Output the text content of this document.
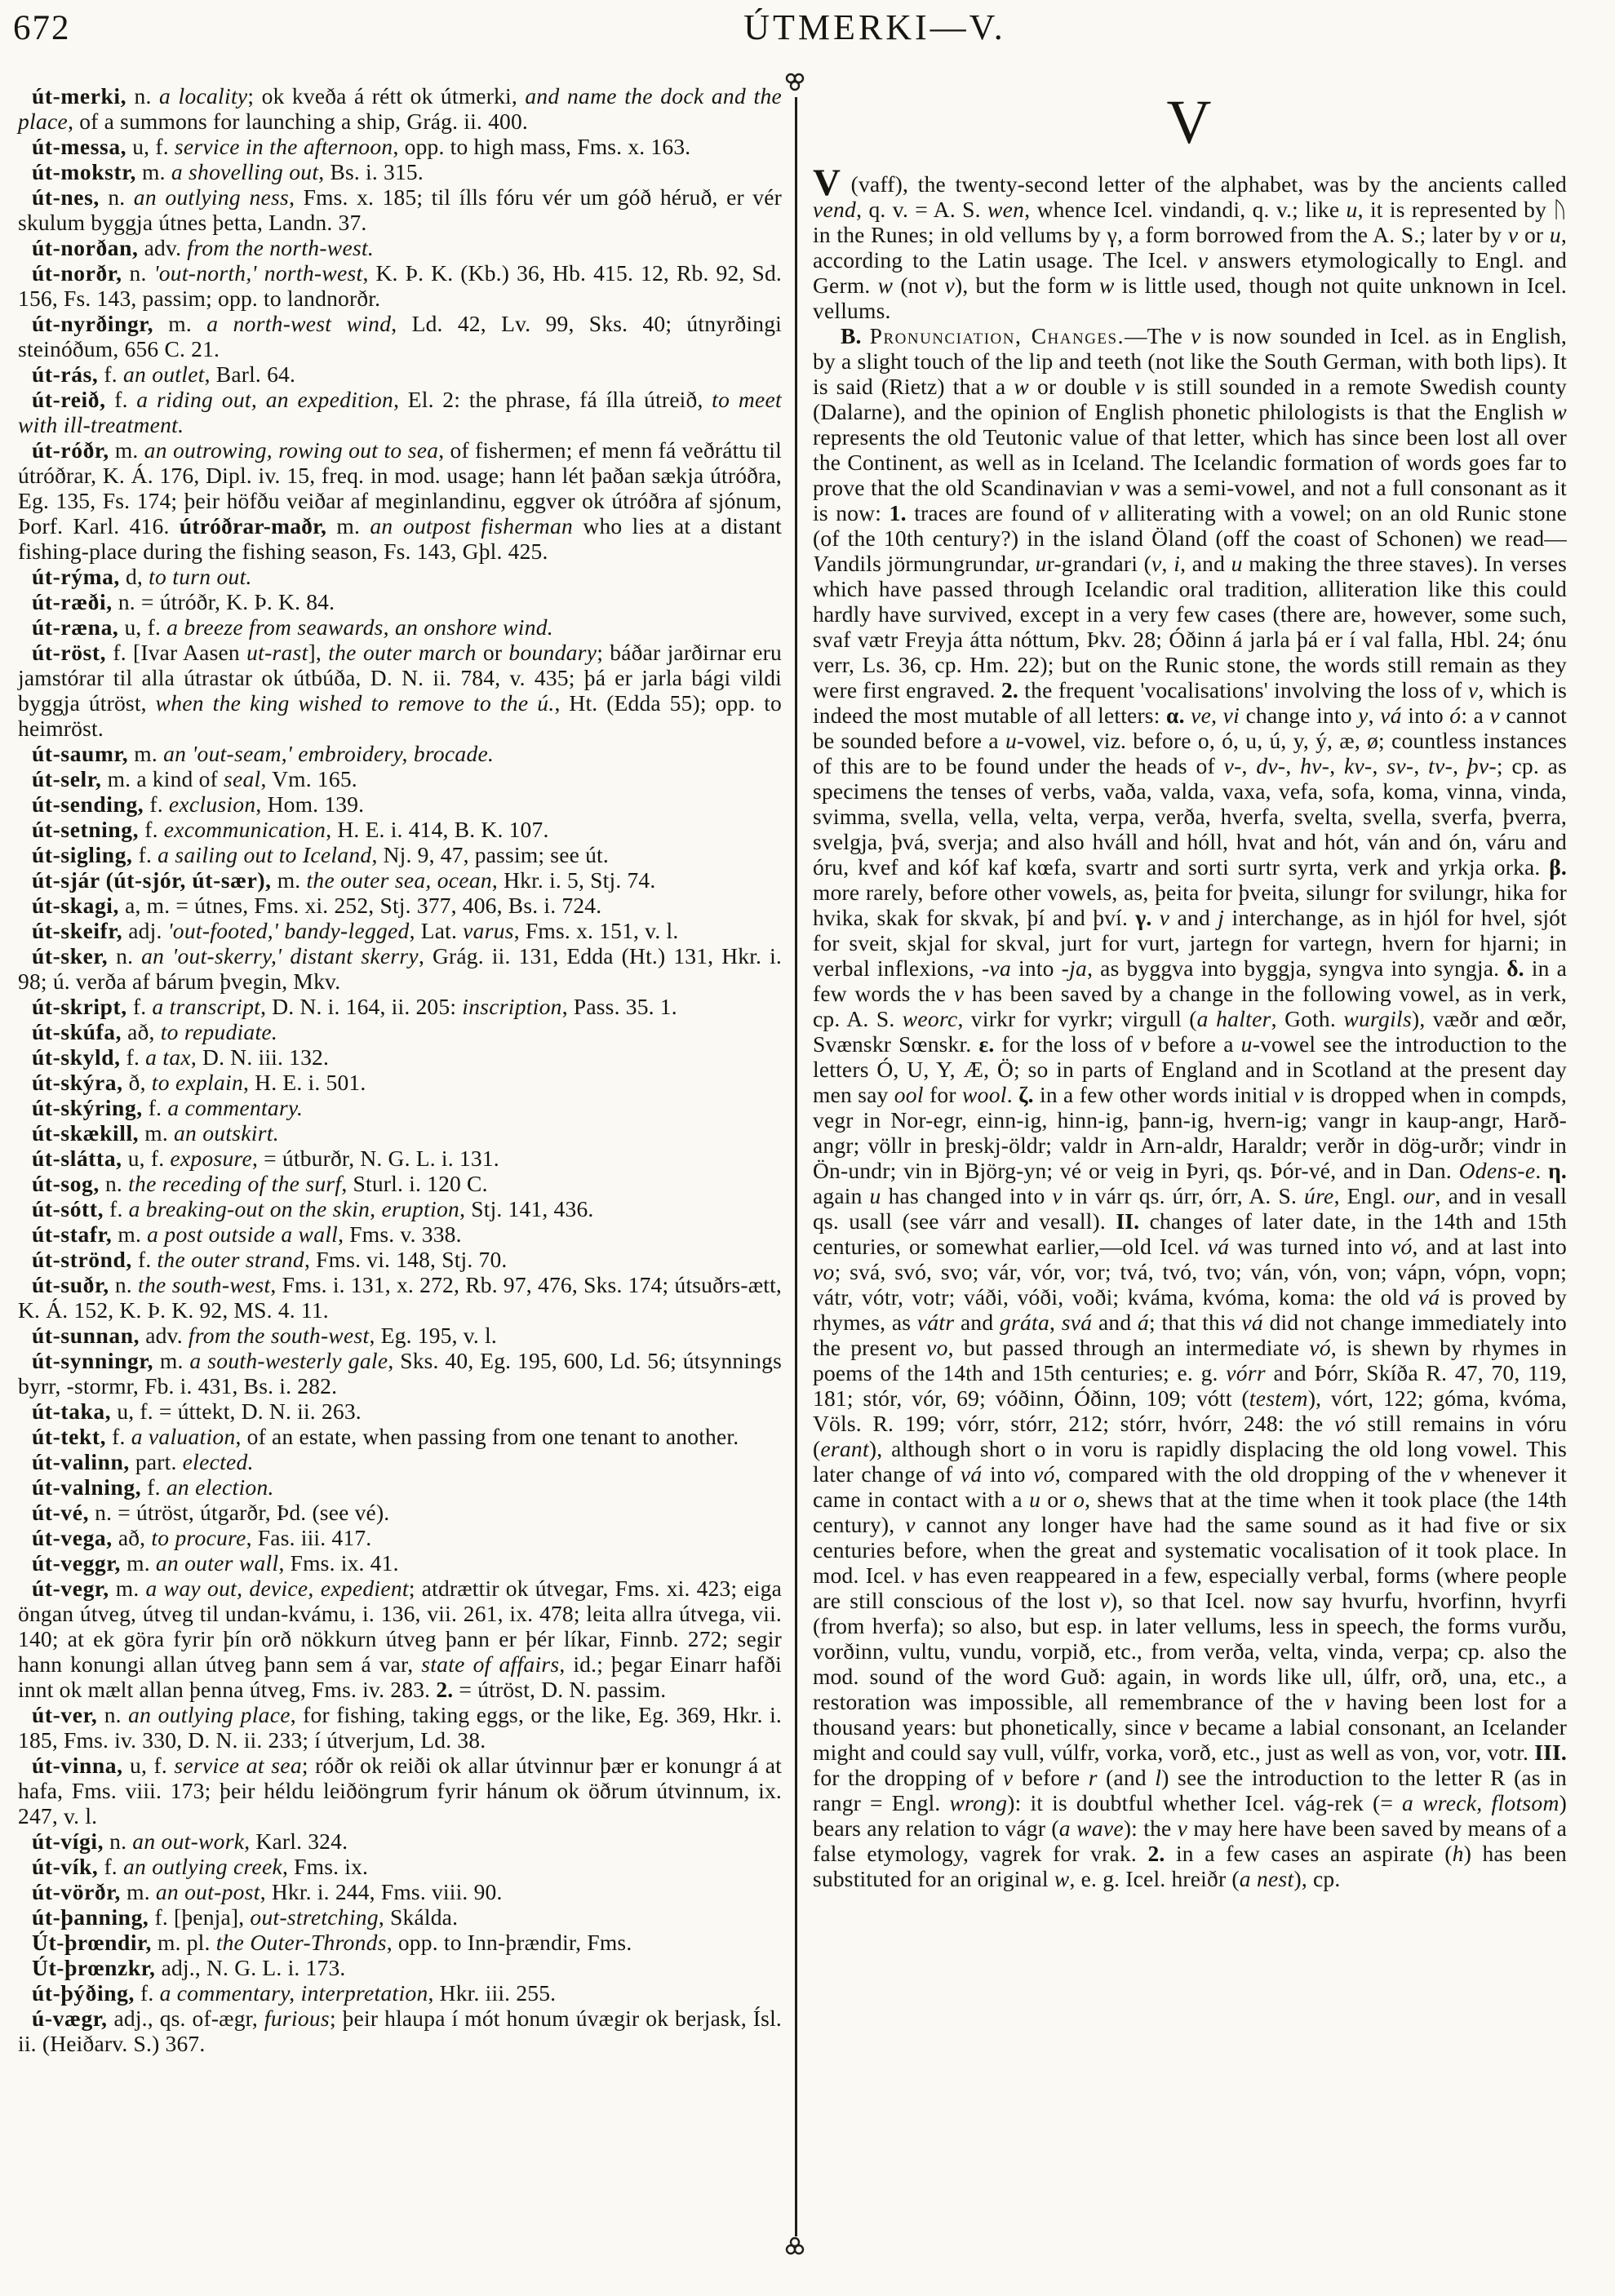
672	ÚTMERKI—V.

út-merki, n. a locality; ok kveða á rétt ok útmerki, and name the dock and the place, of a summons for launching a ship, Grág. ii. 400.

út-messa, u, f. service in the afternoon, opp. to high mass, Fms. x. 163.

út-mokstr, m. a shovelling out, Bs. i. 315.

út-nes, n. an outlying ness, Fms. x. 185; til ílls fóru vér um góð héruð, er vér skulum byggja útnes þetta, Landn. 37.

út-norðan, adv. from the north-west.

út-norðr, n. 'out-north,' north-west, K. Þ. K. (Kb.) 36, Hb. 415. 12, Rb. 92, Sd. 156, Fs. 143, passim; opp. to landnorðr.

út-nyrðingr, m. a north-west wind, Ld. 42, Lv. 99, Sks. 40; útnyrðingi steinóðum, 656 C. 21.

út-rás, f. an outlet, Barl. 64.

út-reið, f. a riding out, an expedition, El. 2: the phrase, fá ílla útreið, to meet with ill-treatment.

út-róðr, m. an outrowing, rowing out to sea, of fishermen; ef menn fá veðráttu til útróðrar, K. Á. 176, Dipl. iv. 15, freq. in mod. usage; hann lét þaðan sækja útróðra, Eg. 135, Fs. 174; þeir höfðu veiðar af meginlandinu, eggver ok útróðra af sjónum, Þorf. Karl. 416. útróðrar-maðr, m. an outpost fisherman who lies at a distant fishing-place during the fishing season, Fs. 143, Gþl. 425.

út-rýma, d, to turn out.

út-ræði, n. = útróðr, K. Þ. K. 84.

út-ræna, u, f. a breeze from seawards, an onshore wind.

út-röst, f. [Ivar Aasen ut-rast], the outer march or boundary; báðar jarðirnar eru jamstórar til alla útrastar ok útbúða, D. N. ii. 784, v. 435; þá er jarla bági vildi byggja útröst, when the king wished to remove to the ú., Ht. (Edda 55); opp. to heimröst.

út-saumr, m. an 'out-seam,' embroidery, brocade.

út-selr, m. a kind of seal, Vm. 165.

út-sending, f. exclusion, Hom. 139.

út-setning, f. excommunication, H. E. i. 414, B. K. 107.

út-sigling, f. a sailing out to Iceland, Nj. 9, 47, passim; see út.

út-sjár (út-sjór, út-sær), m. the outer sea, ocean, Hkr. i. 5, Stj. 74.

út-skagi, a, m. = útnes, Fms. xi. 252, Stj. 377, 406, Bs. i. 724.

út-skeifr, adj. 'out-footed,' bandy-legged, Lat. varus, Fms. x. 151, v. l.

út-sker, n. an 'out-skerry,' distant skerry, Grág. ii. 131, Edda (Ht.) 131, Hkr. i. 98; ú. verða af bárum þvegin, Mkv.

út-skript, f. a transcript, D. N. i. 164, ii. 205: inscription, Pass. 35. 1.

út-skúfa, að, to repudiate.

út-skyld, f. a tax, D. N. iii. 132.

út-skýra, ð, to explain, H. E. i. 501.

út-skýring, f. a commentary.

út-skækill, m. an outskirt.

út-slátta, u, f. exposure, = útburðr, N. G. L. i. 131.

út-sog, n. the receding of the surf, Sturl. i. 120 C.

út-sótt, f. a breaking-out on the skin, eruption, Stj. 141, 436.

út-stafr, m. a post outside a wall, Fms. v. 338.

út-strönd, f. the outer strand, Fms. vi. 148, Stj. 70.

út-suðr, n. the south-west, Fms. i. 131, x. 272, Rb. 97, 476, Sks. 174; útsuðrs-ætt, K. Á. 152, K. Þ. K. 92, MS. 4. 11.

út-sunnan, adv. from the south-west, Eg. 195, v. l.

út-synningr, m. a south-westerly gale, Sks. 40, Eg. 195, 600, Ld. 56; útsynnings byrr, -stormr, Fb. i. 431, Bs. i. 282.

út-taka, u, f. = úttekt, D. N. ii. 263.

út-tekt, f. a valuation, of an estate, when passing from one tenant to another.

út-valinn, part. elected.

út-valning, f. an election.

út-vé, n. = útröst, útgarðr, Þd. (see vé).

út-vega, að, to procure, Fas. iii. 417.

út-veggr, m. an outer wall, Fms. ix. 41.

út-vegr, m. a way out, device, expedient; atdrættir ok útvegar, Fms. xi. 423; eiga öngan útveg, útveg til undan-kvámu, i. 136, vii. 261, ix. 478; leita allra útvega, vii. 140; at ek göra fyrir þín orð nökkurn útveg þann er þér líkar, Finnb. 272; segir hann konungi allan útveg þann sem á var, state of affairs, id.; þegar Einarr hafði innt ok mælt allan þenna útveg, Fms. iv. 283. 2. = útröst, D. N. passim.

út-ver, n. an outlying place, for fishing, taking eggs, or the like, Eg. 369, Hkr. i. 185, Fms. iv. 330, D. N. ii. 233; í útverjum, Ld. 38.

út-vinna, u, f. service at sea; róðr ok reiði ok allar útvinnur þær er konungr á at hafa, Fms. viii. 173; þeir héldu leiðöngrum fyrir hánum ok öðrum útvinnum, ix. 247, v. l.

út-vígi, n. an out-work, Karl. 324.

út-vík, f. an outlying creek, Fms. ix.

út-vörðr, m. an out-post, Hkr. i. 244, Fms. viii. 90.

út-þanning, f. [þenja], out-stretching, Skálda.

Út-þrœndir, m. pl. the Outer-Thronds, opp. to Inn-þrændir, Fms.

Út-þrœnzkr, adj., N. G. L. i. 173.

út-þýðing, f. a commentary, interpretation, Hkr. iii. 255.

ú-vægr, adj., qs. of-ægr, furious; þeir hlaupa í mót honum úvægir ok berjask, Ísl. ii. (Heiðarv. S.) 367.

V

V (vaff), the twenty-second letter of the alphabet, was by the ancients called vend, q. v. = A. S. wen, whence Icel. vindandi, q. v.; like u, it is represented by ᚢ in the Runes; in old vellums by γ, a form borrowed from the A. S.; later by v or u, according to the Latin usage. The Icel. v answers etymologically to Engl. and Germ. w (not v), but the form w is little used, though not quite unknown in Icel. vellums.

B. Pronunciation, Changes.—The v is now sounded in Icel. as in English, by a slight touch of the lip and teeth (not like the South German, with both lips). It is said (Rietz) that a w or double v is still sounded in a remote Swedish county (Dalarne), and the opinion of English phonetic philologists is that the English w represents the old Teutonic value of that letter, which has since been lost all over the Continent, as well as in Iceland. The Icelandic formation of words goes far to prove that the old Scandinavian v was a semi-vowel, and not a full consonant as it is now: 1. traces are found of v alliterating with a vowel; on an old Runic stone (of the 10th century?) in the island Öland (off the coast of Schonen) we read—Vandils jörmungrundar, ur-grandari (v, i, and u making the three staves). In verses which have passed through Icelandic oral tradition, alliteration like this could hardly have survived, except in a very few cases (there are, however, some such, svaf vætr Freyja átta nóttum, Þkv. 28; Óðinn á jarla þá er í val falla, Hbl. 24; ónu verr, Ls. 36, cp. Hm. 22); but on the Runic stone, the words still remain as they were first engraved. 2. the frequent 'vocalisations' involving the loss of v, which is indeed the most mutable of all letters: α. ve, vi change into y, vá into ó: a v cannot be sounded before a u-vowel, viz. before o, ó, u, ú, y, ý, æ, ø; countless instances of this are to be found under the heads of v-, dv-, hv-, kv-, sv-, tv-, þv-; cp. as specimens the tenses of verbs, vaða, valda, vaxa, vefa, sofa, koma, vinna, vinda, svimma, svella, vella, velta, verpa, verða, hverfa, svelta, svella, sverfa, þverra, svelgja, þvá, sverja; and also hváll and hóll, hvat and hót, ván and ón, váru and óru, kvef and kóf kaf kœfa, svartr and sorti surtr syrta, verk and yrkja orka. β. more rarely, before other vowels, as, þeita for þveita, silungr for svilungr, hika for hvika, skak for skvak, þí and því. γ. v and j interchange, as in hjól for hvel, sjót for sveit, skjal for skval, jurt for vurt, jartegn for vartegn, hvern for hjarni; in verbal inflexions, -va into -ja, as byggva into byggja, syngva into syngja. δ. in a few words the v has been saved by a change in the following vowel, as in verk, cp. A. S. weorc, virkr for vyrkr; virgull (a halter, Goth. wurgils), væðr and œðr, Svænskr Sœnskr. ε. for the loss of v before a u-vowel see the introduction to the letters Ó, U, Y, Æ, Ö; so in parts of England and in Scotland at the present day men say ool for wool. ζ. in a few other words initial v is dropped when in compds, vegr in Nor-egr, einn-ig, hinn-ig, þann-ig, hvern-ig; vangr in kaup-angr, Harð-angr; völlr in þreskj-öldr; valdr in Arn-aldr, Haraldr; verðr in dög-urðr; vindr in Ön-undr; vin in Björg-yn; vé or veig in Þyri, qs. Þór-vé, and in Dan. Odens-e. η. again u has changed into v in várr qs. úrr, órr, A. S. úre, Engl. our, and in vesall qs. usall (see várr and vesall). II. changes of later date, in the 14th and 15th centuries, or somewhat earlier,—old Icel. vá was turned into vó, and at last into vo; svá, svó, svo; vár, vór, vor; tvá, tvó, tvo; ván, vón, von; vápn, vópn, vopn; vátr, vótr, votr; váði, vóði, voði; kváma, kvóma, koma: the old vá is proved by rhymes, as vátr and gráta, svá and á; that this vá did not change immediately into the present vo, but passed through an intermediate vó, is shewn by rhymes in poems of the 14th and 15th centuries; e. g. vórr and Þórr, Skíða R. 47, 70, 119, 181; stór, vór, 69; vóðinn, Óðinn, 109; vótt (testem), vórt, 122; góma, kvóma, Völs. R. 199; vórr, stórr, 212; stórr, hvórr, 248: the vó still remains in vóru (erant), although short o in voru is rapidly displacing the old long vowel. This later change of vá into vó, compared with the old dropping of the v whenever it came in contact with a u or o, shews that at the time when it took place (the 14th century), v cannot any longer have had the same sound as it had five or six centuries before, when the great and systematic vocalisation of it took place. In mod. Icel. v has even reappeared in a few, especially verbal, forms (where people are still conscious of the lost v), so that Icel. now say hvurfu, hvorfinn, hvyrfi (from hverfa); so also, but esp. in later vellums, less in speech, the forms vurðu, vorðinn, vultu, vundu, vorpið, etc., from verða, velta, vinda, verpa; cp. also the mod. sound of the word Guð: again, in words like ull, úlfr, orð, una, etc., a restoration was impossible, all remembrance of the v having been lost for a thousand years: but phonetically, since v became a labial consonant, an Icelander might and could say vull, vúlfr, vorka, vorð, etc., just as well as von, vor, votr. III. for the dropping of v before r (and l) see the introduction to the letter R (as in rangr = Engl. wrong): it is doubtful whether Icel. vág-rek (= a wreck, flotsom) bears any relation to vágr (a wave): the v may here have been saved by means of a false etymology, vagrek for vrak. 2. in a few cases an aspirate (h) has been substituted for an original w, e. g. Icel. hreiðr (a nest), cp.
